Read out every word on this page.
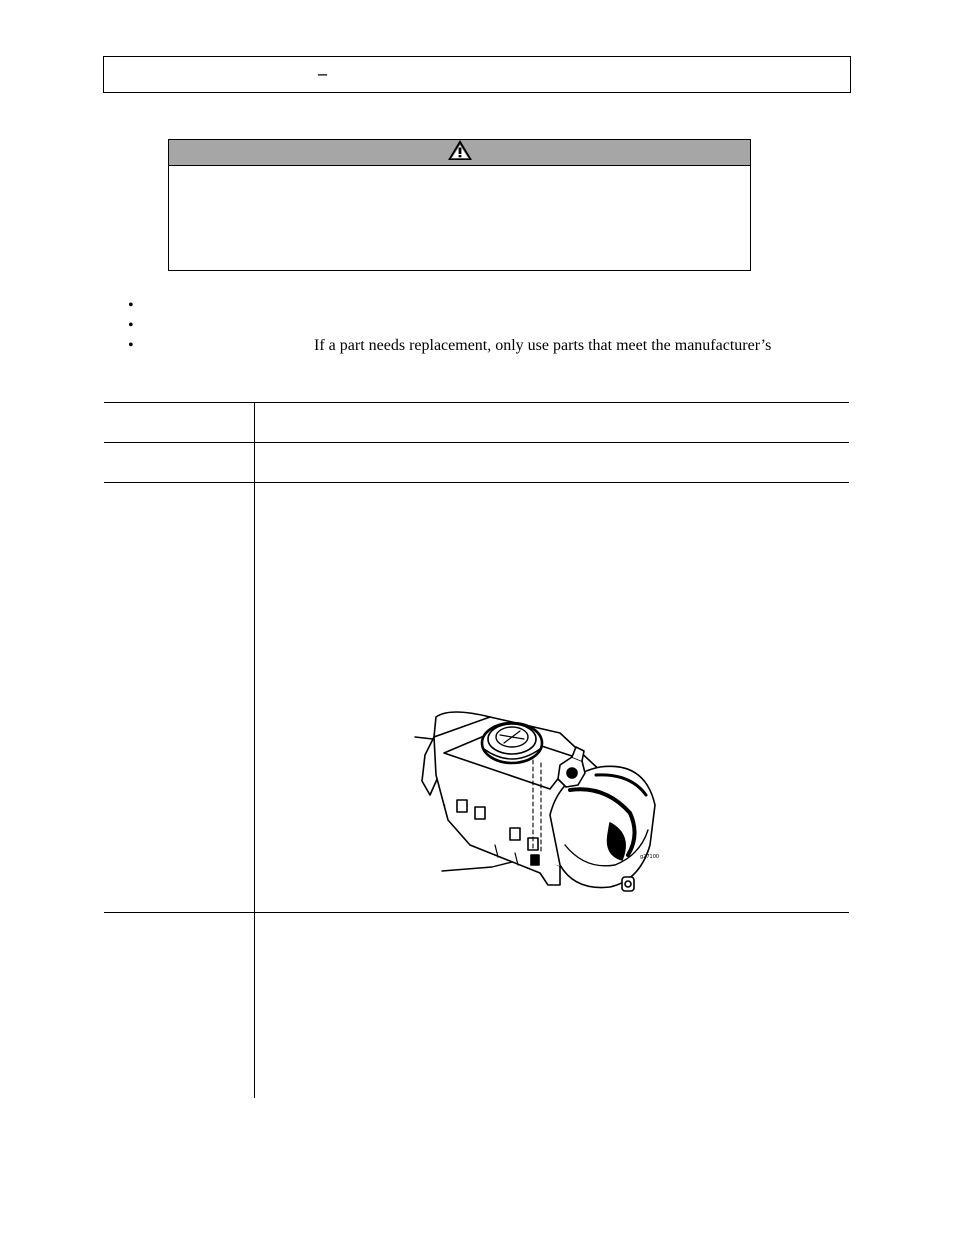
–
•
•
•	If a part needs replacement, only use parts that meet the manufacturer’s
g27100
